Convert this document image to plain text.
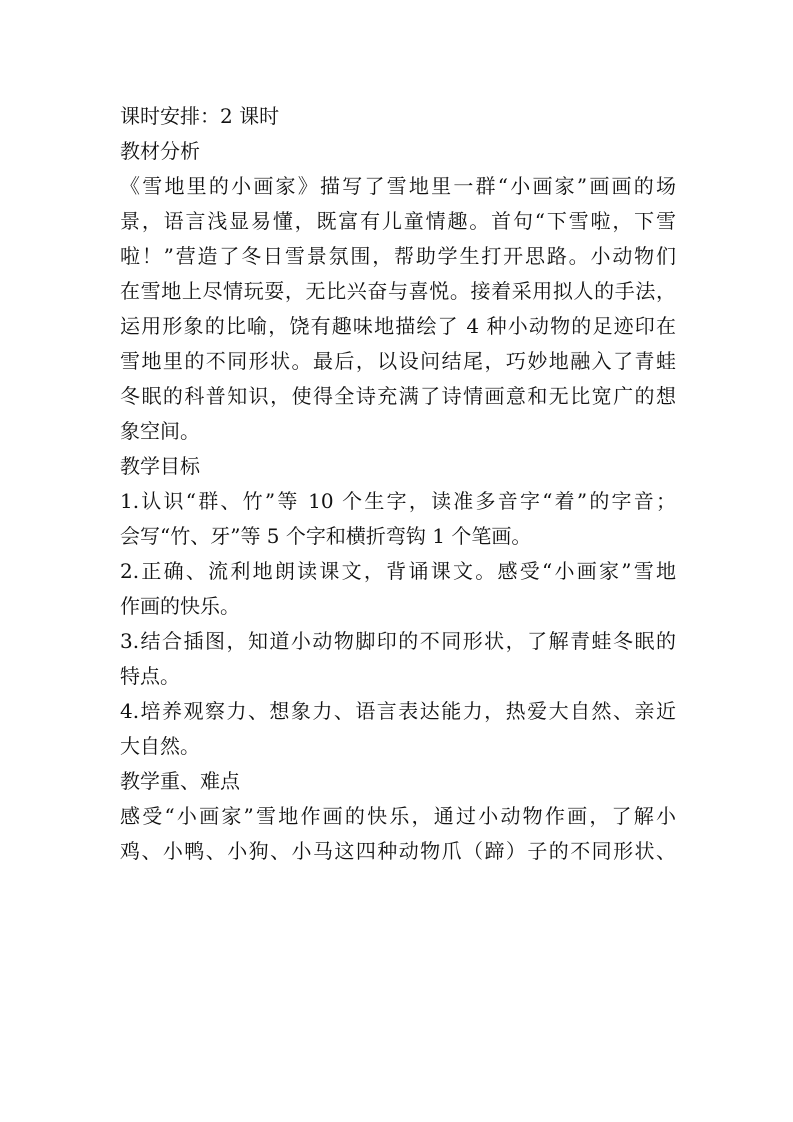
课时安排：2 课时
教材分析
《雪地里的小画家》描写了雪地里一群“小画家”画画的场
景，语言浅显易懂，既富有儿童情趣。首句“下雪啦，下雪
啦！”营造了冬日雪景氛围，帮助学生打开思路。小动物们
在雪地上尽情玩耍，无比兴奋与喜悦。接着采用拟人的手法，
运用形象的比喻，饶有趣味地描绘了 4 种小动物的足迹印在
雪地里的不同形状。最后，以设问结尾，巧妙地融入了青蛙
冬眠的科普知识，使得全诗充满了诗情画意和无比宽广的想
象空间。
教学目标
1.认识“群、竹”等 10 个生字，读准多音字“着”的字音；
会写“竹、牙”等 5 个字和横折弯钩 1 个笔画。
2.正确、流利地朗读课文，背诵课文。感受“小画家”雪地
作画的快乐。
3.结合插图，知道小动物脚印的不同形状，了解青蛙冬眠的
特点。
4.培养观察力、想象力、语言表达能力，热爱大自然、亲近
大自然。
教学重、难点
感受“小画家”雪地作画的快乐，通过小动物作画，了解小
鸡、小鸭、小狗、小马这四种动物爪（蹄）子的不同形状、
